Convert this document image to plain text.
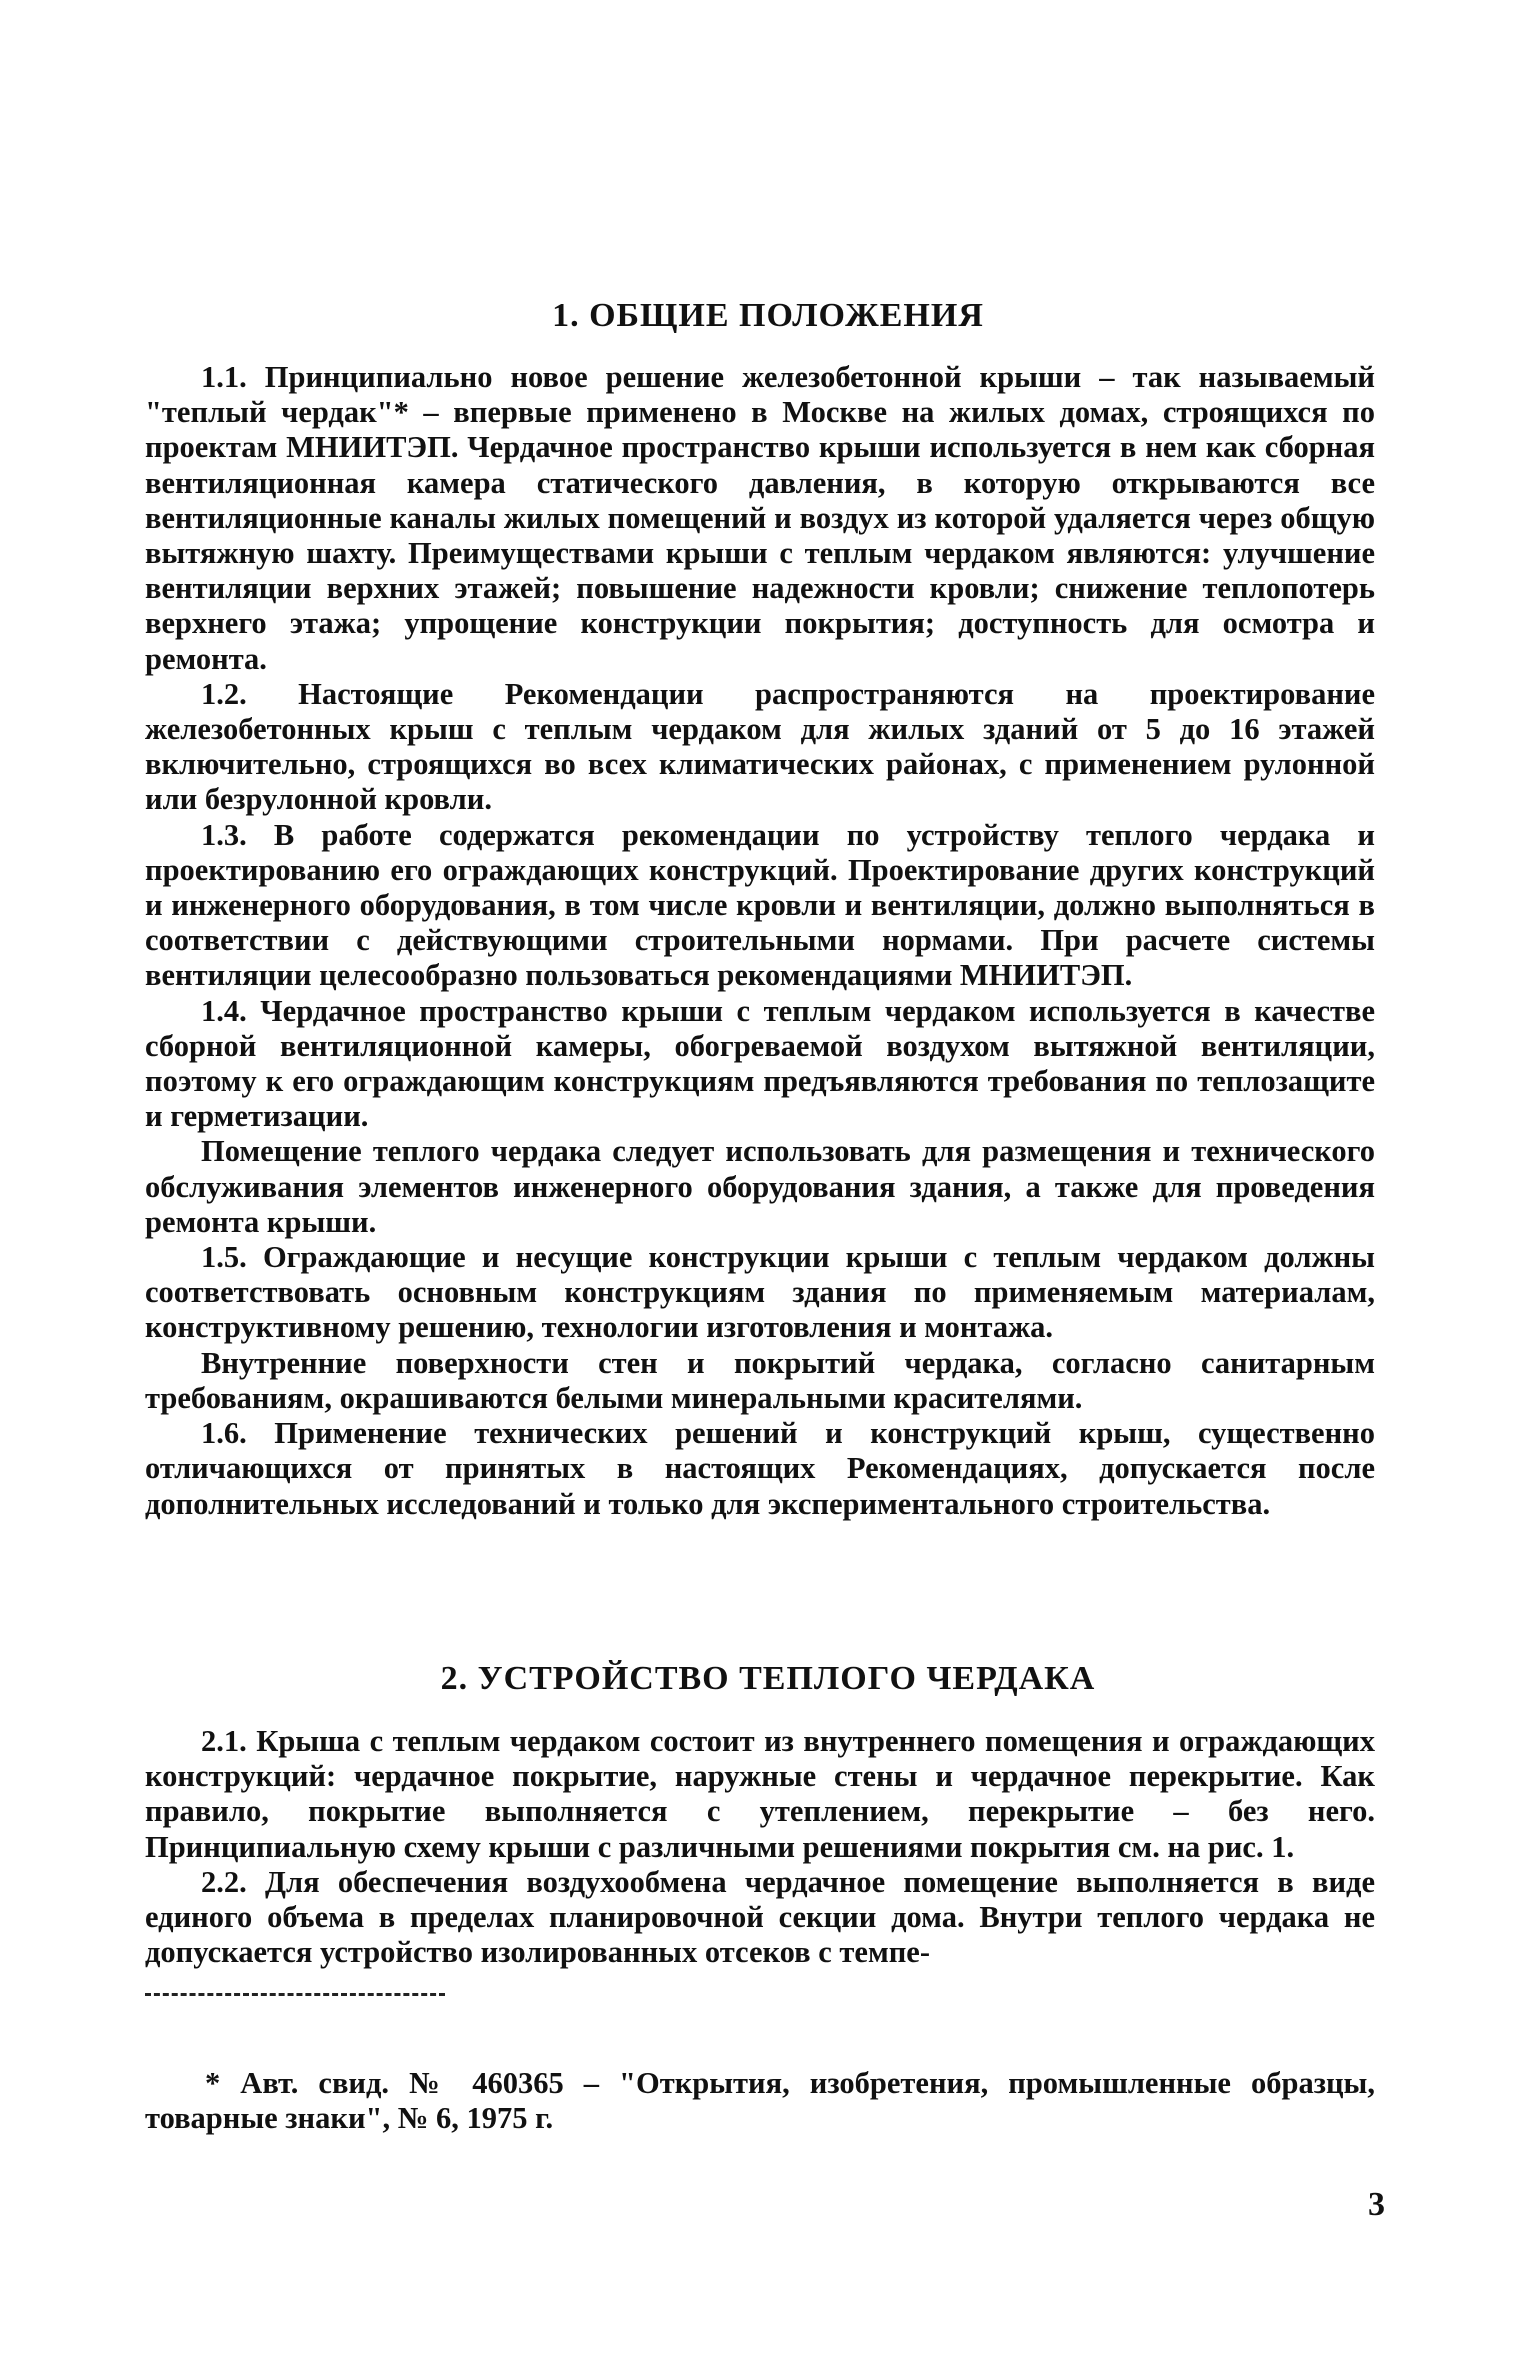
1. ОБЩИЕ ПОЛОЖЕНИЯ

1.1. Принципиально новое решение железобетонной крыши – так называемый "теплый чердак"* – впервые применено в Москве на жилых домах, строящихся по проектам МНИИТЭП. Чердачное пространство крыши используется в нем как сборная вентиляционная камера статического давления, в которую открываются все вентиляционные каналы жилых помещений и воздух из которой удаляется через общую вытяжную шахту. Преимуществами крыши с теплым чердаком являются: улучшение вентиляции верхних этажей; повышение надежности кровли; снижение теплопотерь верхнего этажа; упрощение конструкции покрытия; доступность для осмотра и ремонта.

1.2. Настоящие Рекомендации распространяются на проектирование железобетонных крыш с теплым чердаком для жилых зданий от 5 до 16 этажей включительно, строящихся во всех климатических районах, с применением рулонной или безрулонной кровли.

1.3. В работе содержатся рекомендации по устройству теплого чердака и проектированию его ограждающих конструкций. Проектирование других конструкций и инженерного оборудования, в том числе кровли и вентиляции, должно выполняться в соответствии с действующими строительными нормами. При расчете системы вентиляции целесообразно пользоваться рекомендациями МНИИТЭП.

1.4. Чердачное пространство крыши с теплым чердаком используется в качестве сборной вентиляционной камеры, обогреваемой воздухом вытяжной вентиляции, поэтому к его ограждающим конструкциям предъявляются требования по теплозащите и герметизации.

Помещение теплого чердака следует использовать для размещения и технического обслуживания элементов инженерного оборудования здания, а также для проведения ремонта крыши.

1.5. Ограждающие и несущие конструкции крыши с теплым чердаком должны соответствовать основным конструкциям здания по применяемым материалам, конструктивному решению, технологии изготовления и монтажа.

Внутренние поверхности стен и покрытий чердака, согласно санитарным требованиям, окрашиваются белыми минеральными красителями.

1.6. Применение технических решений и конструкций крыш, существенно отличающихся от принятых в настоящих Рекомендациях, допускается после дополнительных исследований и только для экспериментального строительства.

2. УСТРОЙСТВО ТЕПЛОГО ЧЕРДАКА

2.1. Крыша с теплым чердаком состоит из внутреннего помещения и ограждающих конструкций: чердачное покрытие, наружные стены и чердачное перекрытие. Как правило, покрытие выполняется с утеплением, перекрытие – без него. Принципиальную схему крыши с различными решениями покрытия см. на рис. 1.

2.2. Для обеспечения воздухообмена чердачное помещение выполняется в виде единого объема в пределах планировочной секции дома. Внутри теплого чердака не допускается устройство изолированных отсеков с темпе-

* Авт. свид. № 460365 – "Открытия, изобретения, промышленные образцы, товарные знаки", № 6, 1975 г.
3
